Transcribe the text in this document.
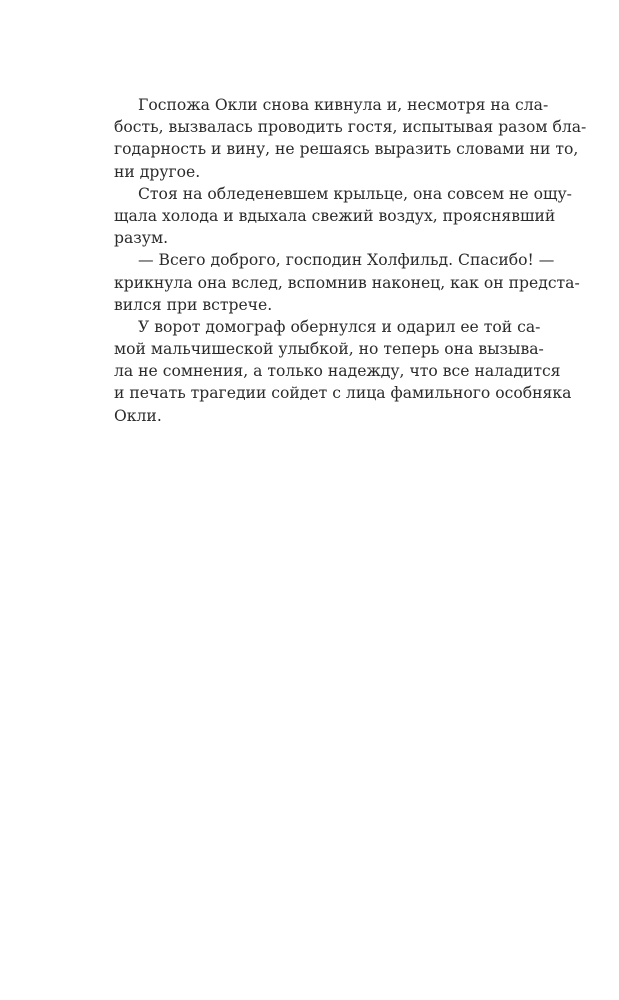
Госпожа Окли снова кивнула и, несмотря на сла-
бость, вызвалась проводить гостя, испытывая разом бла-
годарность и вину, не решаясь выразить словами ни то,
ни другое.
Стоя на обледеневшем крыльце, она совсем не ощу-
щала холода и вдыхала свежий воздух, прояснявший
разум.
— Всего доброго, господин Холфильд. Спасибо! —
крикнула она вслед, вспомнив наконец, как он предста-
вился при встрече.
У ворот домограф обернулся и одарил ее той са-
мой мальчишеской улыбкой, но теперь она вызыва-
ла не сомнения, а только надежду, что все наладится
и печать трагедии сойдет с лица фамильного особняка
Окли.
